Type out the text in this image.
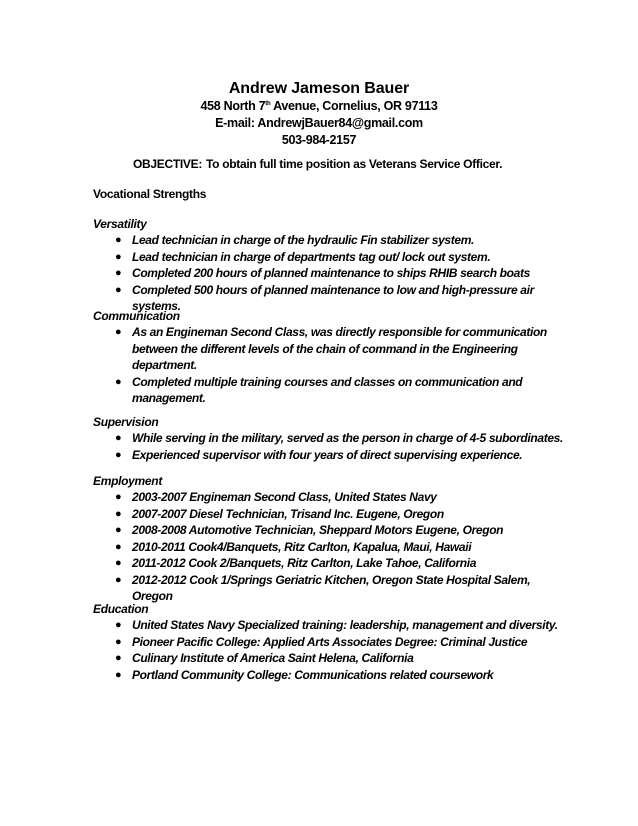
Andrew Jameson Bauer
458 North 7th Avenue, Cornelius, OR 97113
E-mail: AndrewjBauer84@gmail.com
503-984-2157
OBJECTIVE: To obtain full time position as Veterans Service Officer.
Vocational Strengths
Versatility
● Lead technician in charge of the hydraulic Fin stabilizer system.
● Lead technician in charge of departments tag out/ lock out system.
● Completed 200 hours of planned maintenance to ships RHIB search boats
● Completed 500 hours of planned maintenance to low and high-pressure air systems.
Communication
● As an Engineman Second Class, was directly responsible for communication between the different levels of the chain of command in the Engineering department.
● Completed multiple training courses and classes on communication and management.
Supervision
● While serving in the military, served as the person in charge of 4-5 subordinates.
● Experienced supervisor with four years of direct supervising experience.
Employment
● 2003-2007 Engineman Second Class, United States Navy
● 2007-2007 Diesel Technician, Trisand Inc. Eugene, Oregon
● 2008-2008 Automotive Technician, Sheppard Motors Eugene, Oregon
● 2010-2011 Cook4/Banquets, Ritz Carlton, Kapalua, Maui, Hawaii
● 2011-2012 Cook 2/Banquets, Ritz Carlton, Lake Tahoe, California
● 2012-2012 Cook 1/Springs Geriatric Kitchen, Oregon State Hospital Salem, Oregon
Education
● United States Navy Specialized training: leadership, management and diversity.
● Pioneer Pacific College: Applied Arts Associates Degree: Criminal Justice
● Culinary Institute of America Saint Helena, California
● Portland Community College: Communications related coursework
